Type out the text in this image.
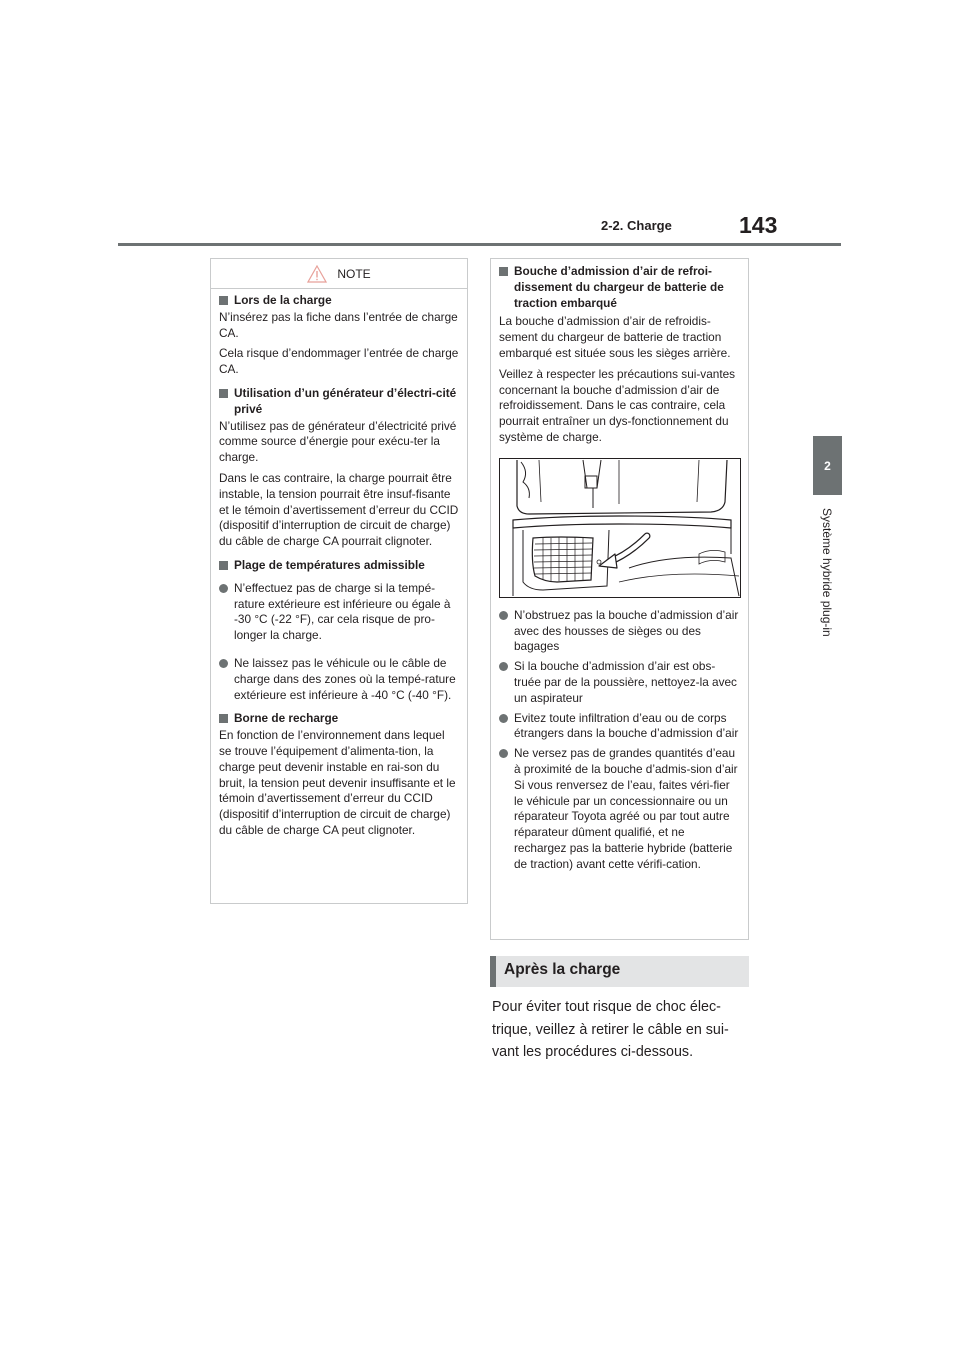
2-2. Charge	143
2
Système hybride plug-in
NOTE
Lors de la charge
N’insérez pas la fiche dans l’entrée de charge CA.
Cela risque d’endommager l’entrée de charge CA.
Utilisation d’un générateur d’électri-cité privé
N’utilisez pas de générateur d’électricité privé comme source d’énergie pour exécu-ter la charge.
Dans le cas contraire, la charge pourrait être instable, la tension pourrait être insuf-fisante et le témoin d’avertissement d’erreur du CCID (dispositif d’interruption de circuit de charge) du câble de charge CA pourrait clignoter.
Plage de températures admissible
N’effectuez pas de charge si la tempé-rature extérieure est inférieure ou égale à -30 °C (-22 °F), car cela risque de pro-longer la charge.
Ne laissez pas le véhicule ou le câble de charge dans des zones où la tempé-rature extérieure est inférieure à -40 °C (-40 °F).
Borne de recharge
En fonction de l’environnement dans lequel se trouve l’équipement d’alimenta-tion, la charge peut devenir instable en rai-son du bruit, la tension peut devenir insuffisante et le témoin d’avertissement d’erreur du CCID (dispositif d’interruption de circuit de charge) du câble de charge CA peut clignoter.
Bouche d’admission d’air de refroi-dissement du chargeur de batterie de traction embarqué
La bouche d’admission d’air de refroidis-sement du chargeur de batterie de traction embarqué est située sous les sièges arrière.
Veillez à respecter les précautions sui-vantes concernant la bouche d’admission d’air de refroidissement. Dans le cas contraire, cela pourrait entraîner un dys-fonctionnement du système de charge.
N’obstruez pas la bouche d’admission d’air avec des housses de sièges ou des bagages
Si la bouche d’admission d’air est obs-truée par de la poussière, nettoyez-la avec un aspirateur
Evitez toute infiltration d’eau ou de corps étrangers dans la bouche d’admission d’air
Ne versez pas de grandes quantités d’eau à proximité de la bouche d’admis-sion d’air
Si vous renversez de l’eau, faites véri-fier le véhicule par un concessionnaire ou un réparateur Toyota agréé ou par tout autre réparateur dûment qualifié, et ne rechargez pas la batterie hybride (batterie de traction) avant cette vérifi-cation.
Après la charge
Pour éviter tout risque de choc élec-trique, veillez à retirer le câble en sui-vant les procédures ci-dessous.
